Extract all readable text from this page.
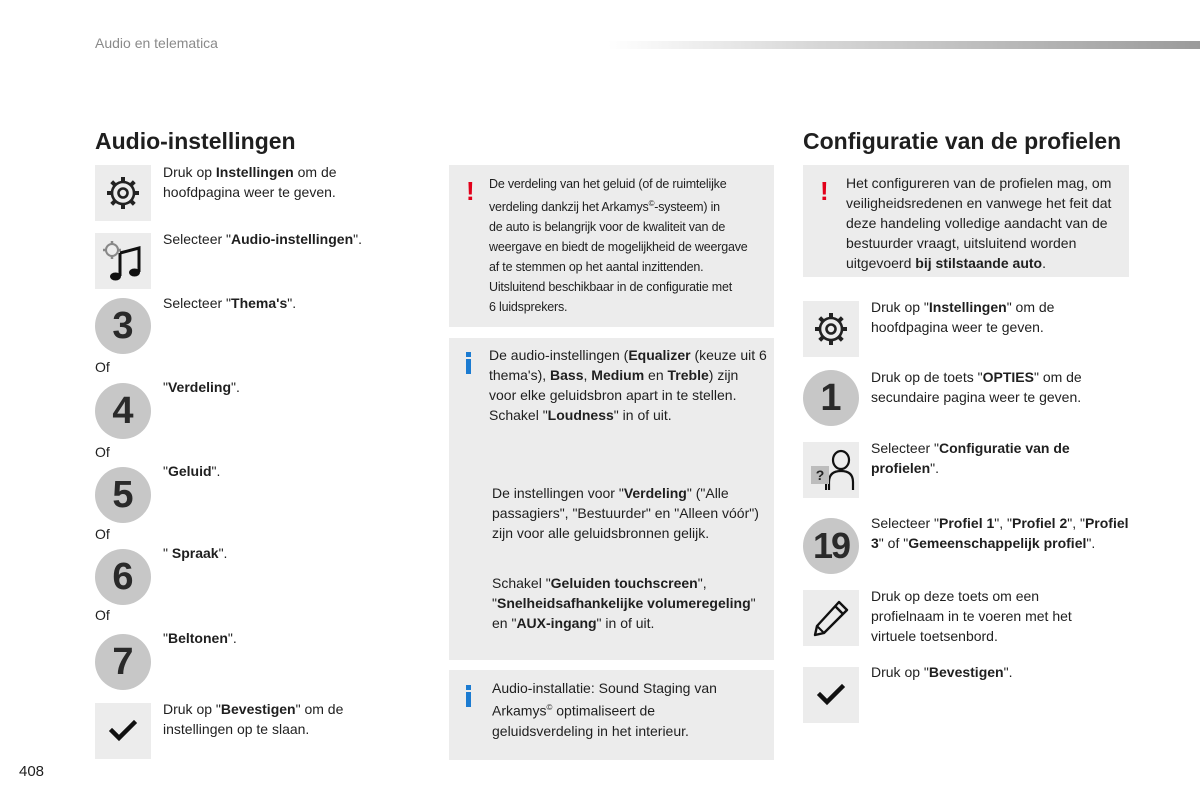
Audio en telematica
Audio-instellingen
Druk op Instellingen om de hoofdpagina weer te geven.
Selecteer "Audio-instellingen".
3
Selecteer "Thema's".
Of
4
"Verdeling".
Of
5
"Geluid".
Of
6
" Spraak".
Of
7
"Beltonen".
Druk op "Bevestigen" om de instellingen op te slaan.
! De verdeling van het geluid (of de ruimtelijke
verdeling dankzij het Arkamys©-systeem) in
de auto is belangrijk voor de kwaliteit van de
weergave en biedt de mogelijkheid de weergave
af te stemmen op het aantal inzittenden.
Uitsluitend beschikbaar in de configuratie met
6 luidsprekers.
De audio-instellingen (Equalizer (keuze uit 6 thema's), Bass, Medium en Treble) zijn voor elke geluidsbron apart in te stellen.
Schakel "Loudness" in of uit.
De instellingen voor "Verdeling" ("Alle passagiers", "Bestuurder" en "Alleen vóór") zijn voor alle geluidsbronnen gelijk.
Schakel "Geluiden touchscreen", "Snelheidsafhankelijke volumeregeling" en "AUX-ingang" in of uit.
Audio-installatie: Sound Staging van Arkamys© optimaliseert de geluidsverdeling in het interieur.
Configuratie van de profielen
! Het configureren van de profielen mag, om veiligheidsredenen en vanwege het feit dat deze handeling volledige aandacht van de bestuurder vraagt, uitsluitend worden uitgevoerd bij stilstaande auto.
Druk op "Instellingen" om de hoofdpagina weer te geven.
1	Druk op de toets "OPTIES" om de secundaire pagina weer te geven.
?
Selecteer "Configuratie van de profielen".
19
Selecteer "Profiel 1", "Profiel 2", "Profiel 3" of "Gemeenschappelijk profiel".
Druk op deze toets om een profielnaam in te voeren met het virtuele toetsenbord.
Druk op "Bevestigen".
408
